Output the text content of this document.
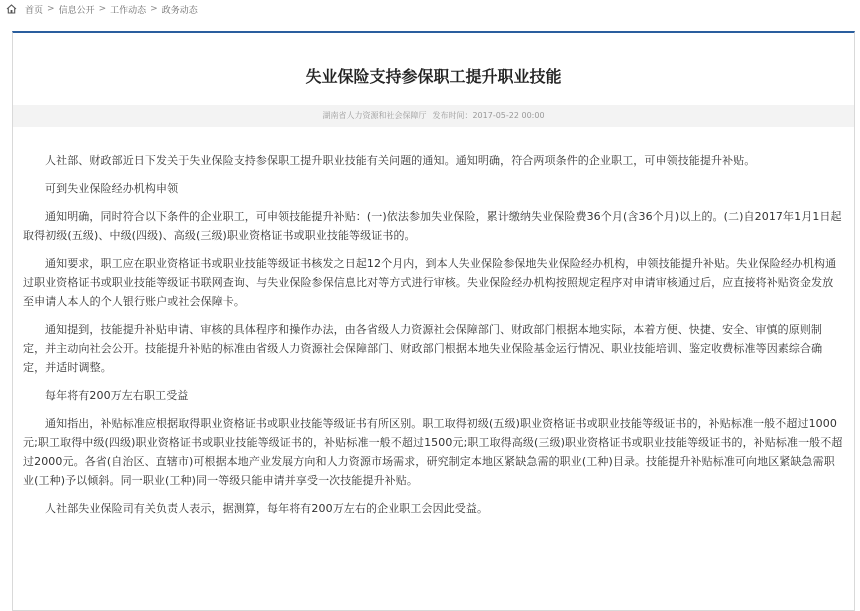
首页 > 信息公开 > 工作动态 > 政务动态
失业保险支持参保职工提升职业技能
湖南省人力资源和社会保障厅 发布时间：2017-05-22 00:00

人社部、财政部近日下发关于失业保险支持参保职工提升职业技能有关问题的通知。通知明确，符合两项条件的企业职工，可申领技能提升补贴。

可到失业保险经办机构申领

通知明确，同时符合以下条件的企业职工，可申领技能提升补贴：(一)依法参加失业保险，累计缴纳失业保险费36个月(含36个月)以上的。(二)自2017年1月1日起取得初级(五级)、中级(四级)、高级(三级)职业资格证书或职业技能等级证书的。

通知要求，职工应在职业资格证书或职业技能等级证书核发之日起12个月内，到本人失业保险参保地失业保险经办机构，申领技能提升补贴。失业保险经办机构通过职业资格证书或职业技能等级证书联网查询、与失业保险参保信息比对等方式进行审核。失业保险经办机构按照规定程序对申请审核通过后，应直接将补贴资金发放至申请人本人的个人银行账户或社会保障卡。

通知提到，技能提升补贴申请、审核的具体程序和操作办法，由各省级人力资源社会保障部门、财政部门根据本地实际，本着方便、快捷、安全、审慎的原则制定，并主动向社会公开。技能提升补贴的标准由省级人力资源社会保障部门、财政部门根据本地失业保险基金运行情况、职业技能培训、鉴定收费标准等因素综合确定，并适时调整。

每年将有200万左右职工受益

通知指出，补贴标准应根据取得职业资格证书或职业技能等级证书有所区别。职工取得初级(五级)职业资格证书或职业技能等级证书的，补贴标准一般不超过1000元;职工取得中级(四级)职业资格证书或职业技能等级证书的，补贴标准一般不超过1500元;职工取得高级(三级)职业资格证书或职业技能等级证书的，补贴标准一般不超过2000元。各省(自治区、直辖市)可根据本地产业发展方向和人力资源市场需求，研究制定本地区紧缺急需的职业(工种)目录。技能提升补贴标准可向地区紧缺急需职业(工种)予以倾斜。同一职业(工种)同一等级只能申请并享受一次技能提升补贴。

人社部失业保险司有关负责人表示，据测算，每年将有200万左右的企业职工会因此受益。
